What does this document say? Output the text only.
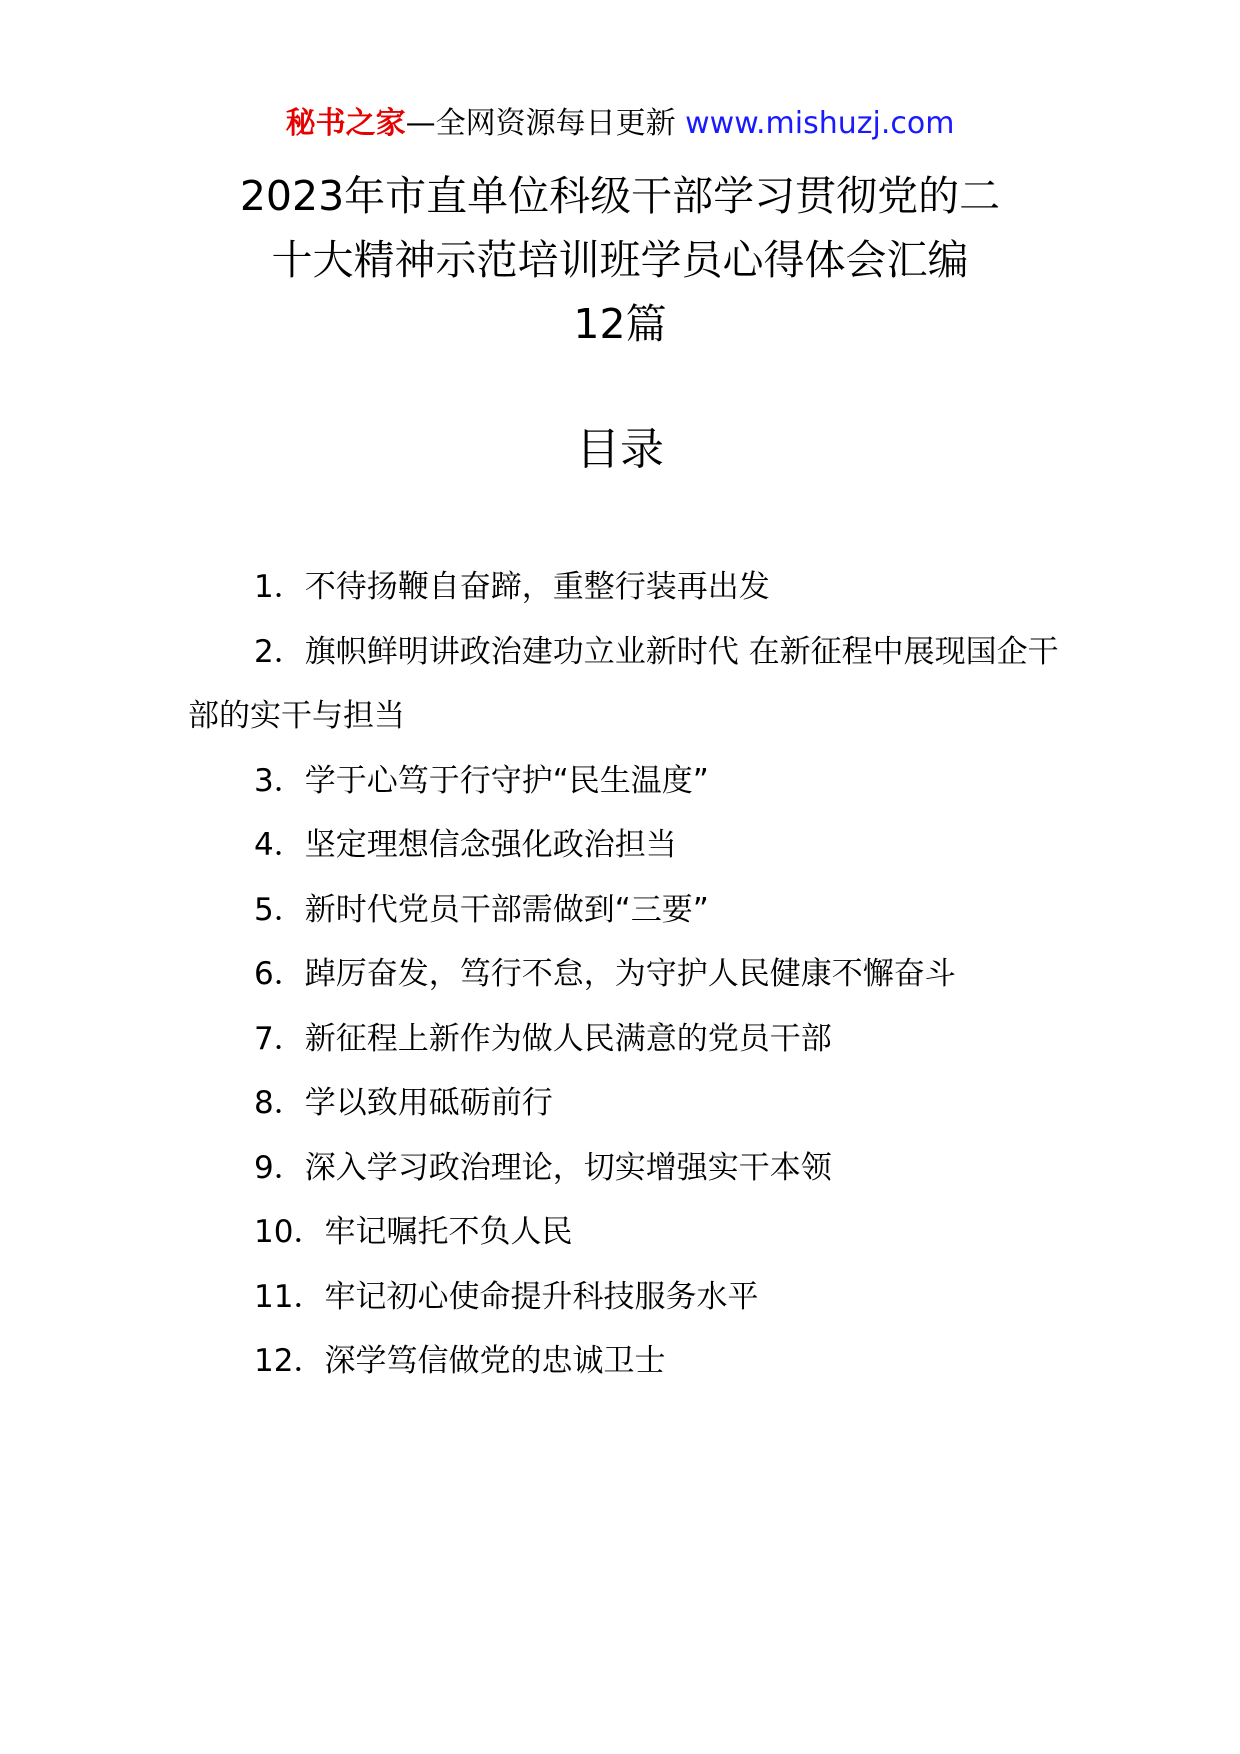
秘书之家—全网资源每日更新 www.mishuzj.com
2023年市直单位科级干部学习贯彻党的二
十大精神示范培训班学员心得体会汇编
12篇
目录
1．不待扬鞭自奋蹄，重整行装再出发
2．旗帜鲜明讲政治建功立业新时代 在新征程中展现国企干部的实干与担当
3．学于心笃于行守护“民生温度”
4．坚定理想信念强化政治担当
5．新时代党员干部需做到“三要”
6．踔厉奋发，笃行不怠，为守护人民健康不懈奋斗
7．新征程上新作为做人民满意的党员干部
8．学以致用砥砺前行
9．深入学习政治理论，切实增强实干本领
10．牢记嘱托不负人民
11．牢记初心使命提升科技服务水平
12．深学笃信做党的忠诚卫士
